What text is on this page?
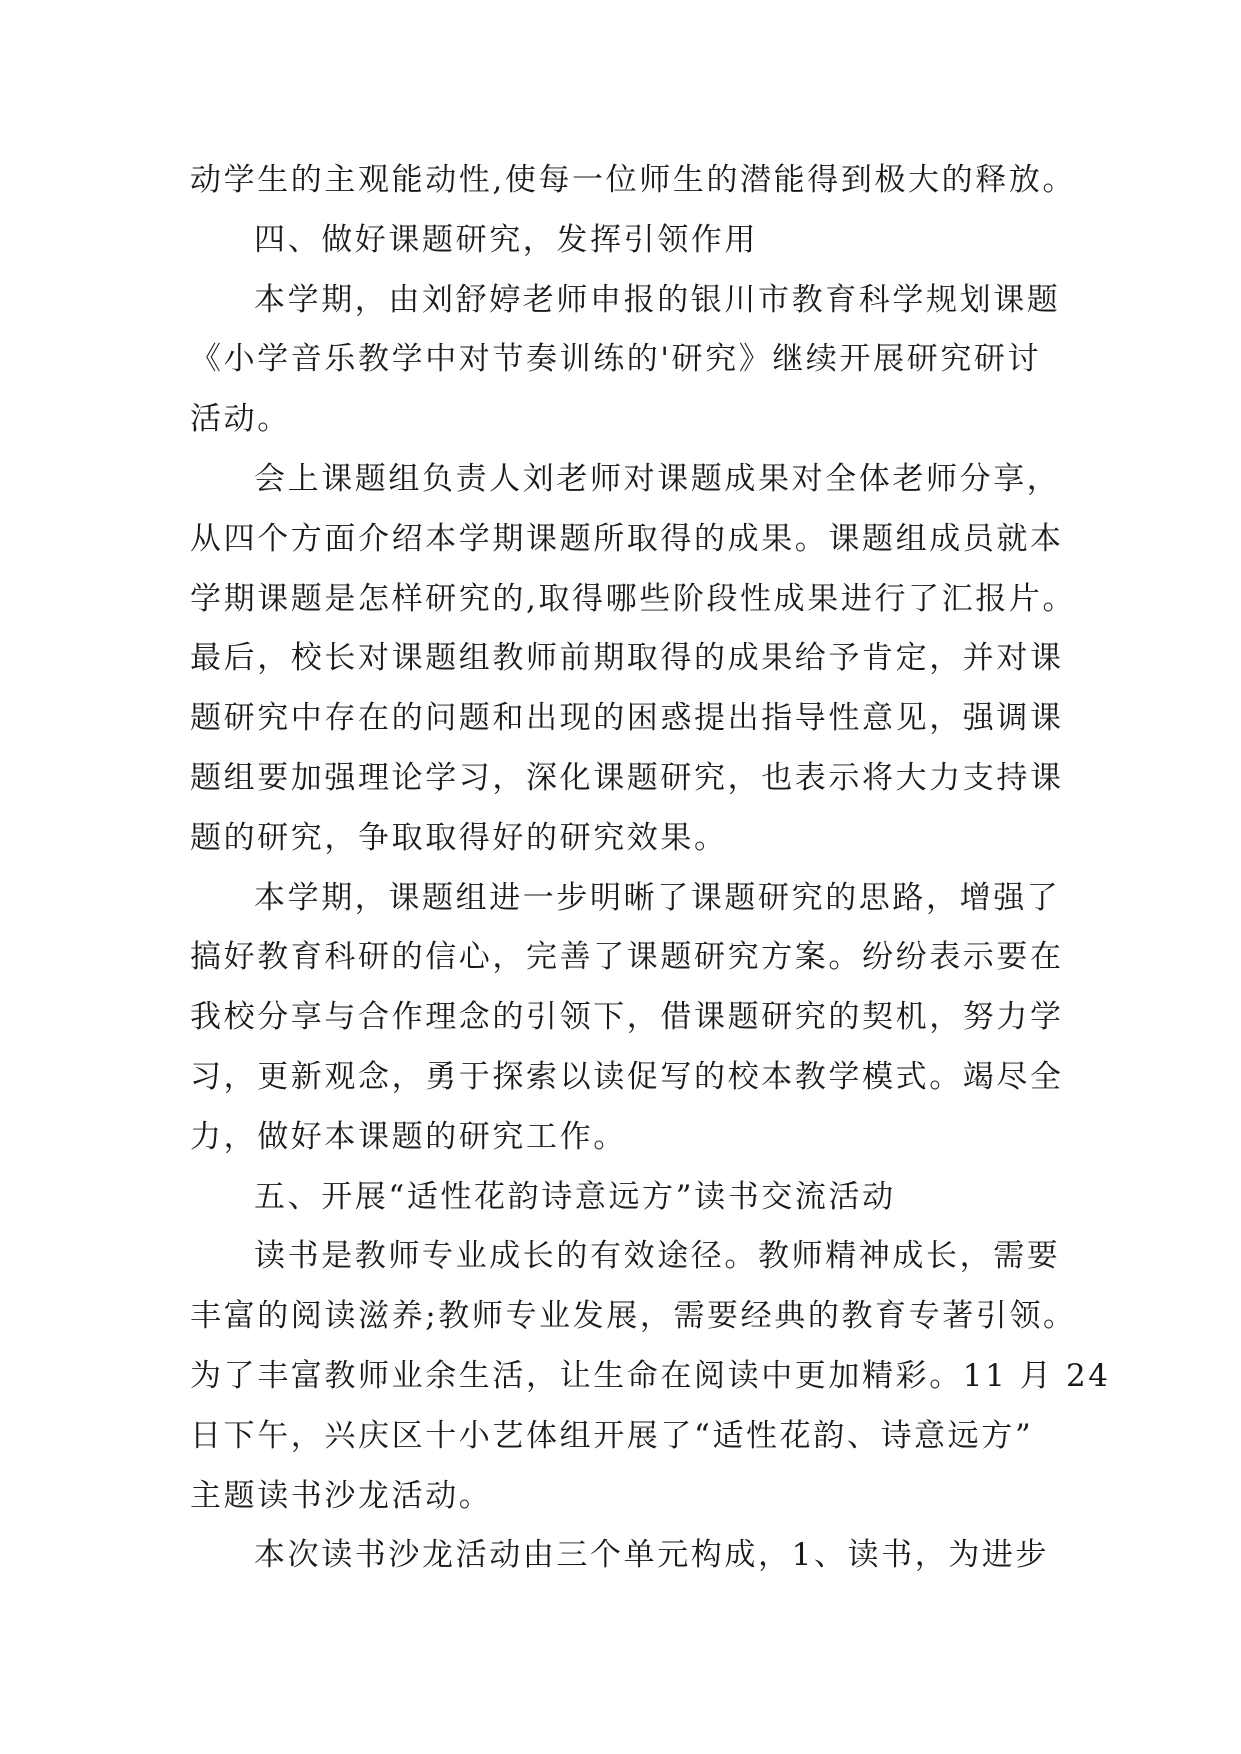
动学生的主观能动性,使每一位师生的潜能得到极大的释放。
四、做好课题研究，发挥引领作用
本学期，由刘舒婷老师申报的银川市教育科学规划课题
《小学音乐教学中对节奏训练的'研究》继续开展研究研讨
活动。
会上课题组负责人刘老师对课题成果对全体老师分享，
从四个方面介绍本学期课题所取得的成果。课题组成员就本
学期课题是怎样研究的,取得哪些阶段性成果进行了汇报片。
最后，校长对课题组教师前期取得的成果给予肯定，并对课
题研究中存在的问题和出现的困惑提出指导性意见，强调课
题组要加强理论学习，深化课题研究，也表示将大力支持课
题的研究，争取取得好的研究效果。
本学期，课题组进一步明晰了课题研究的思路，增强了
搞好教育科研的信心，完善了课题研究方案。纷纷表示要在
我校分享与合作理念的引领下，借课题研究的契机，努力学
习，更新观念，勇于探索以读促写的校本教学模式。竭尽全
力，做好本课题的研究工作。
五、开展“适性花韵诗意远方”读书交流活动
读书是教师专业成长的有效途径。教师精神成长，需要
丰富的阅读滋养;教师专业发展，需要经典的教育专著引领。
为了丰富教师业余生活，让生命在阅读中更加精彩。11 月 24
日下午，兴庆区十小艺体组开展了“适性花韵、诗意远方”
主题读书沙龙活动。
本次读书沙龙活动由三个单元构成，1、读书，为进步
